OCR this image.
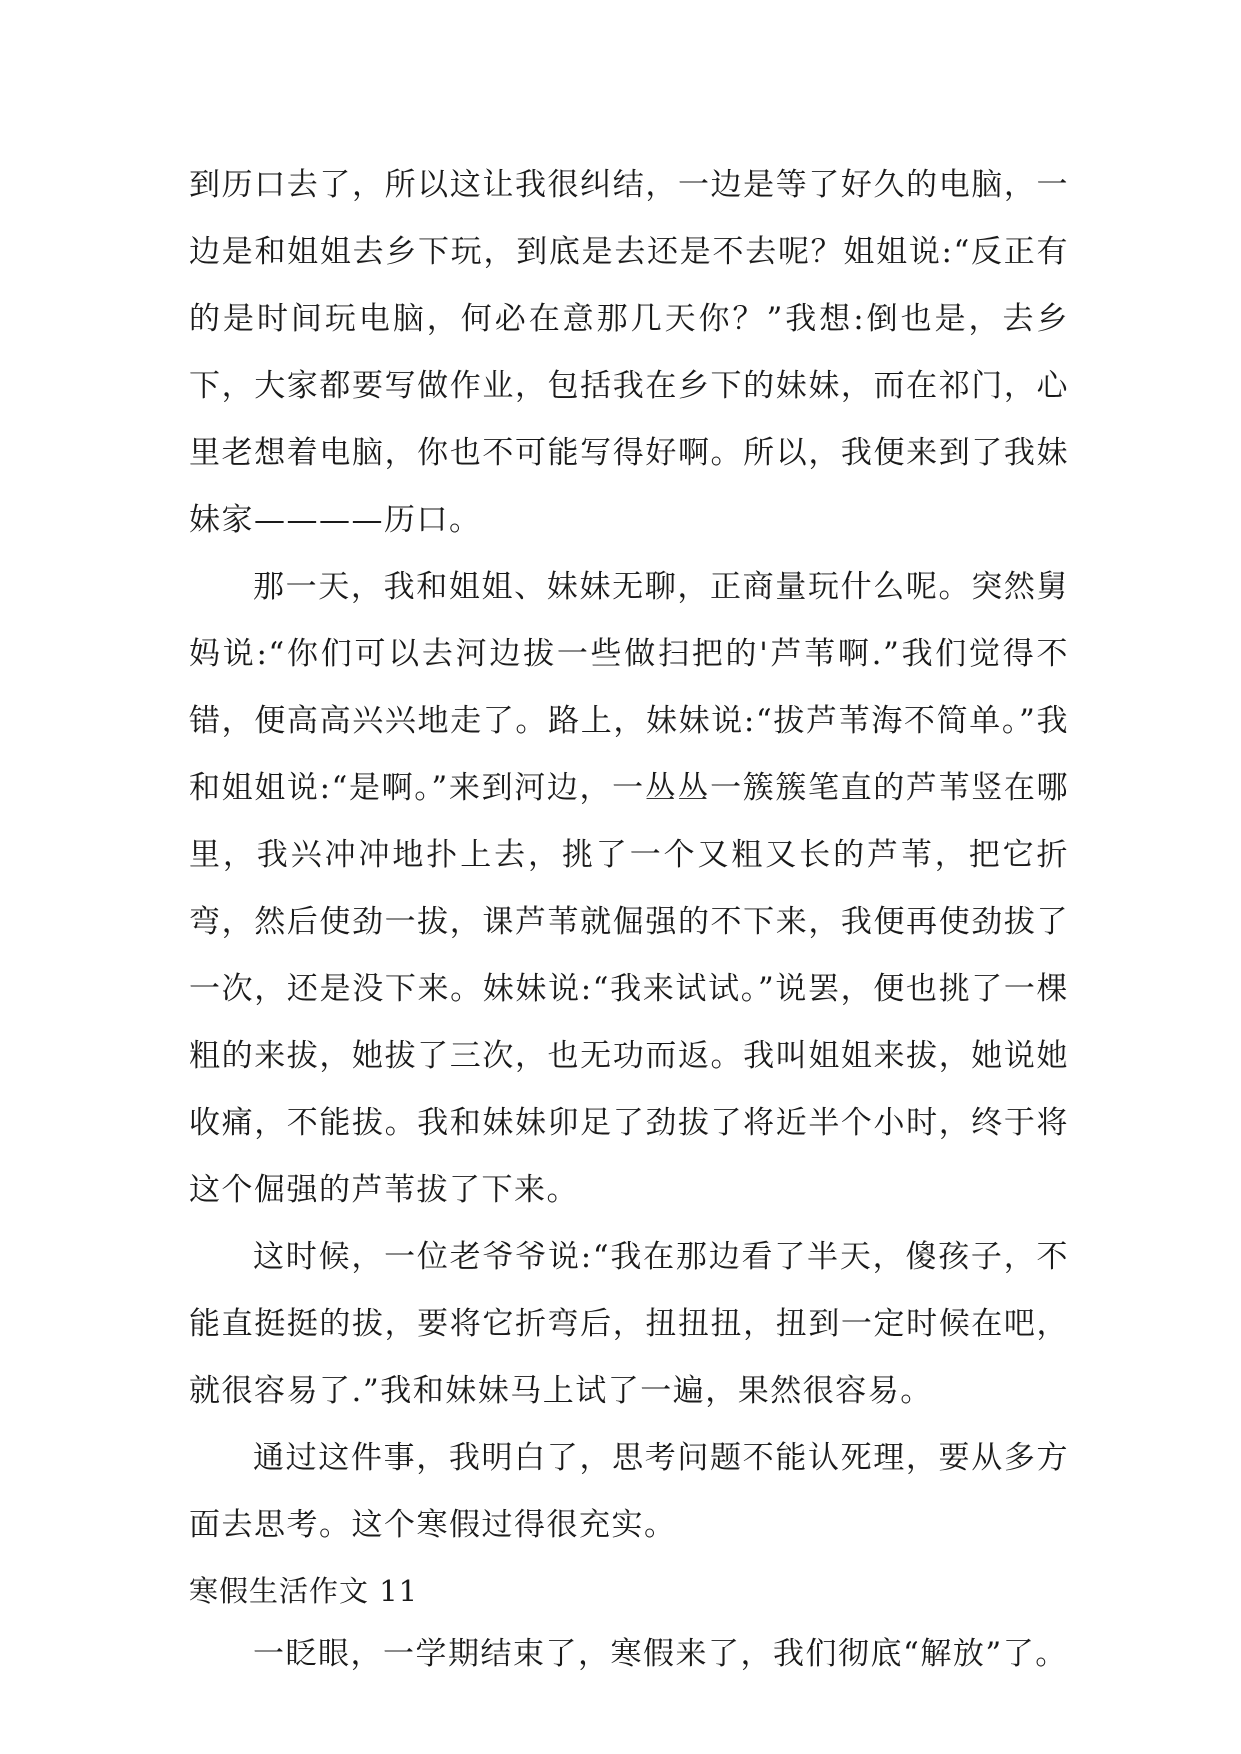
到历口去了，所以这让我很纠结，一边是等了好久的电脑，一边是和姐姐去乡下玩，到底是去还是不去呢？姐姐说:“反正有的是时间玩电脑，何必在意那几天你？”我想:倒也是，去乡下，大家都要写做作业，包括我在乡下的妹妹，而在祁门，心里老想着电脑，你也不可能写得好啊。所以，我便来到了我妹妹家————历口。

那一天，我和姐姐、妹妹无聊，正商量玩什么呢。突然舅妈说:“你们可以去河边拔一些做扫把的'芦苇啊.”我们觉得不错，便高高兴兴地走了。路上，妹妹说:“拔芦苇海不简单。”我和姐姐说:“是啊。”来到河边，一丛丛一簇簇笔直的芦苇竖在哪里，我兴冲冲地扑上去，挑了一个又粗又长的芦苇，把它折弯，然后使劲一拔，课芦苇就倔强的不下来，我便再使劲拔了一次，还是没下来。妹妹说:“我来试试。”说罢，便也挑了一棵粗的来拔，她拔了三次，也无功而返。我叫姐姐来拔，她说她收痛，不能拔。我和妹妹卯足了劲拔了将近半个小时，终于将这个倔强的芦苇拔了下来。

这时候，一位老爷爷说:“我在那边看了半天，傻孩子，不能直挺挺的拔，要将它折弯后，扭扭扭，扭到一定时候在吧，就很容易了.”我和妹妹马上试了一遍，果然很容易。

通过这件事，我明白了，思考问题不能认死理，要从多方面去思考。这个寒假过得很充实。

寒假生活作文 11

一眨眼，一学期结束了，寒假来了，我们彻底“解放”了。
